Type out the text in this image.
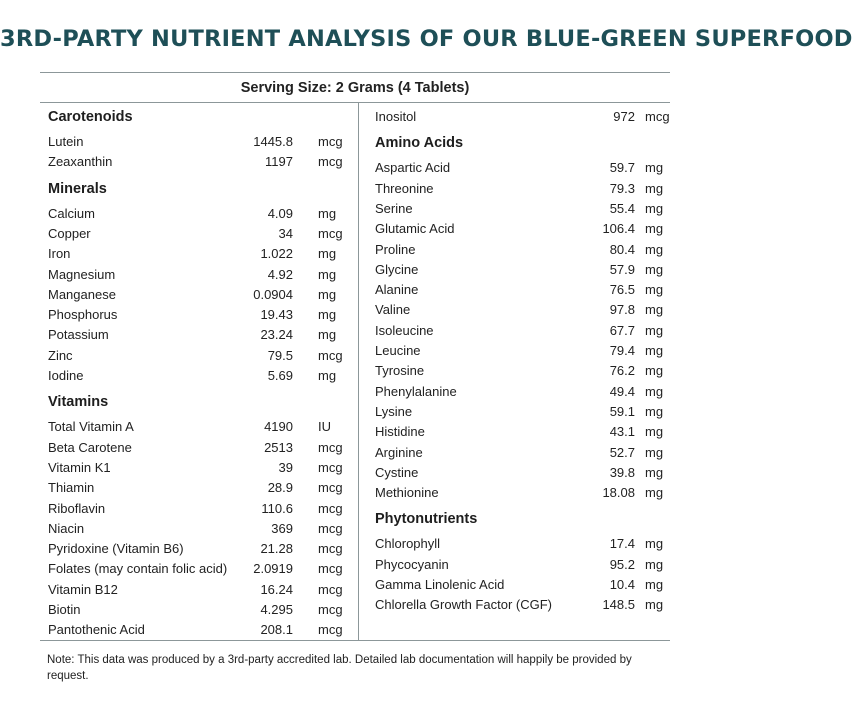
3RD-PARTY NUTRIENT ANALYSIS OF OUR BLUE-GREEN SUPERFOOD
Serving Size: 2 Grams (4 Tablets)
Carotenoids
Lutein	1445.8 mcg
Zeaxanthin	1197 mcg
Minerals
Calcium	4.09 mg
Copper	34 mcg
Iron	1.022 mg
Magnesium	4.92 mg
Manganese	0.0904 mg
Phosphorus	19.43 mg
Potassium	23.24 mg
Zinc	79.5 mcg
Iodine	5.69 mg
Vitamins
Total Vitamin A	4190 IU
Beta Carotene	2513 mcg
Vitamin K1	39 mcg
Thiamin	28.9 mcg
Riboflavin	110.6 mcg
Niacin	369 mcg
Pyridoxine (Vitamin B6)	21.28 mcg
Folates (may contain folic acid) 2.0919 mcg
Vitamin B12	16.24 mcg
Biotin	4.295 mcg
Pantothenic Acid	208.1 mcg
Inositol	972 mcg
Amino Acids
Aspartic Acid	59.7 mg
Threonine	79.3 mg
Serine	55.4 mg
Glutamic Acid	106.4 mg
Proline	80.4 mg
Glycine	57.9 mg
Alanine	76.5 mg
Valine	97.8 mg
Isoleucine	67.7 mg
Leucine	79.4 mg
Tyrosine	76.2 mg
Phenylalanine	49.4 mg
Lysine	59.1 mg
Histidine	43.1 mg
Arginine	52.7 mg
Cystine	39.8 mg
Methionine	18.08 mg
Phytonutrients
Chlorophyll	17.4 mg
Phycocyanin	95.2 mg
Gamma Linolenic Acid	10.4 mg
Chlorella Growth Factor (CGF)	148.5 mg
Note: This data was produced by a 3rd-party accredited lab. Detailed lab documentation will happily be provided by request.
